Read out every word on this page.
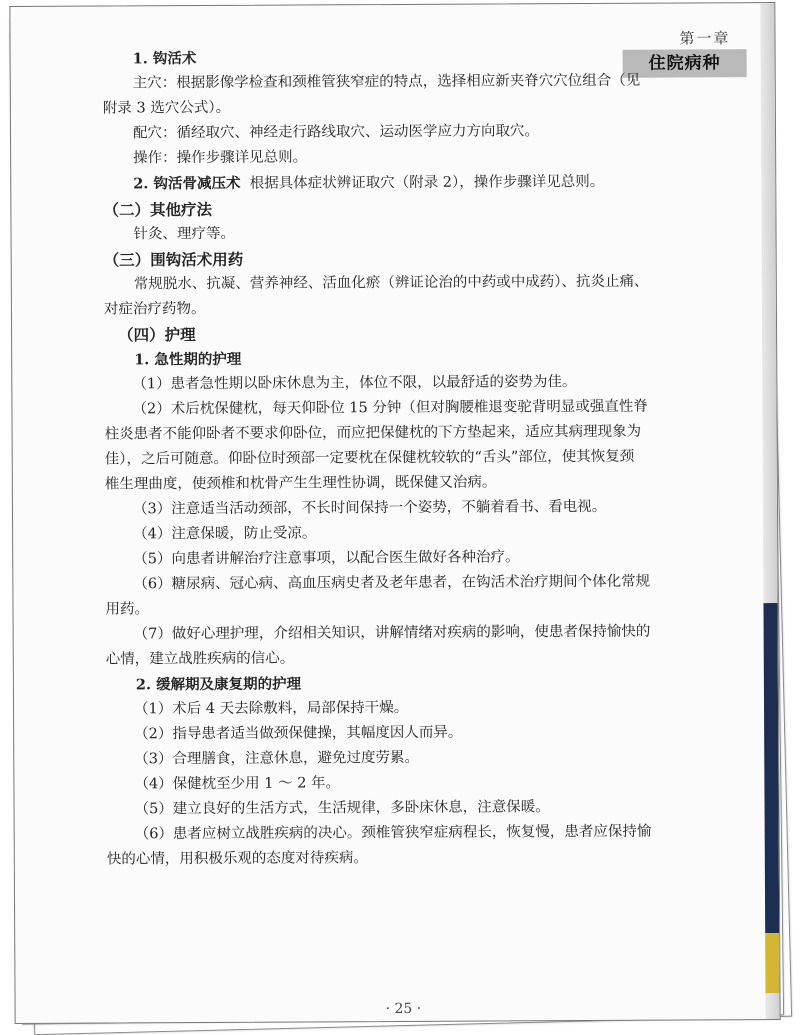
第一章
住院病种

1. 钩活术

主穴：根据影像学检查和颈椎管狭窄症的特点，选择相应新夹脊穴穴位组合（见

附录 3 选穴公式）。

配穴：循经取穴、神经走行路线取穴、运动医学应力方向取穴。

操作：操作步骤详见总则。

2. 钩活骨减压术 根据具体症状辨证取穴（附录 2），操作步骤详见总则。

（二）其他疗法

针灸、理疗等。

（三）围钩活术用药

常规脱水、抗凝、营养神经、活血化瘀（辨证论治的中药或中成药）、抗炎止痛、

对症治疗药物。

（四）护理

1. 急性期的护理

（1）患者急性期以卧床休息为主，体位不限，以最舒适的姿势为佳。

（2）术后枕保健枕，每天仰卧位 15 分钟（但对胸腰椎退变驼背明显或强直性脊

柱炎患者不能仰卧者不要求仰卧位，而应把保健枕的下方垫起来，适应其病理现象为

佳），之后可随意。仰卧位时颈部一定要枕在保健枕较软的“舌头”部位，使其恢复颈

椎生理曲度，使颈椎和枕骨产生生理性协调，既保健又治病。

（3）注意适当活动颈部，不长时间保持一个姿势，不躺着看书、看电视。

（4）注意保暖，防止受凉。

（5）向患者讲解治疗注意事项，以配合医生做好各种治疗。

（6）糖尿病、冠心病、高血压病史者及老年患者，在钩活术治疗期间个体化常规

用药。

（7）做好心理护理，介绍相关知识，讲解情绪对疾病的影响，使患者保持愉快的

心情，建立战胜疾病的信心。

2. 缓解期及康复期的护理

（1）术后 4 天去除敷料，局部保持干燥。

（2）指导患者适当做颈保健操，其幅度因人而异。

（3）合理膳食，注意休息，避免过度劳累。

（4）保健枕至少用 1 ～ 2 年。

（5）建立良好的生活方式，生活规律，多卧床休息，注意保暖。

（6）患者应树立战胜疾病的决心。颈椎管狭窄症病程长，恢复慢，患者应保持愉

快的心情，用积极乐观的态度对待疾病。

· 25 ·
